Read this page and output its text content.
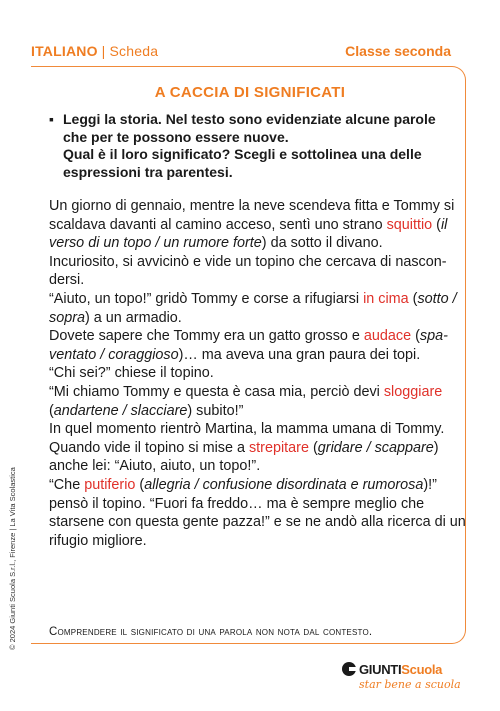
ITALIANO | Scheda	Classe seconda
A CACCIA DI SIGNIFICATI
▪ Leggi la storia. Nel testo sono evidenziate alcune parole
che per te possono essere nuove.
Qual è il loro significato? Scegli e sottolinea una delle
espressioni tra parentesi.

Un giorno di gennaio, mentre la neve scendeva fitta e Tommy si scaldava davanti al camino acceso, sentì uno strano squittio (il verso di un topo / un rumore forte) da sotto il divano.

Incuriosito, si avvicinò e vide un topino che cercava di nascon- dersi.

“Aiuto, un topo!” gridò Tommy e corse a rifugiarsi in cima (sotto / sopra) a un armadio.

Dovete sapere che Tommy era un gatto grosso e audace (spa- ventato / coraggioso)… ma aveva una gran paura dei topi.

“Chi sei?” chiese il topino.

“Mi chiamo Tommy e questa è casa mia, perciò devi sloggiare (andartene / slacciare) subito!”

In quel momento rientrò Martina, la mamma umana di Tommy.

Quando vide il topino si mise a strepitare (gridare / scappare) anche lei: “Aiuto, aiuto, un topo!”.

“Che putiferio (allegria / confusione disordinata e rumorosa)!” pensò il topino. “Fuori fa freddo… ma è sempre meglio che starsene con questa gente pazza!” e se ne andò alla ricerca di un rifugio migliore.

Comprendere il significato di una parola non nota dal contesto.
© 2024 Giunti Scuola S.r.l., Firenze | La Vita Scolastica
GIUNTI Scuola
star bene a scuola
